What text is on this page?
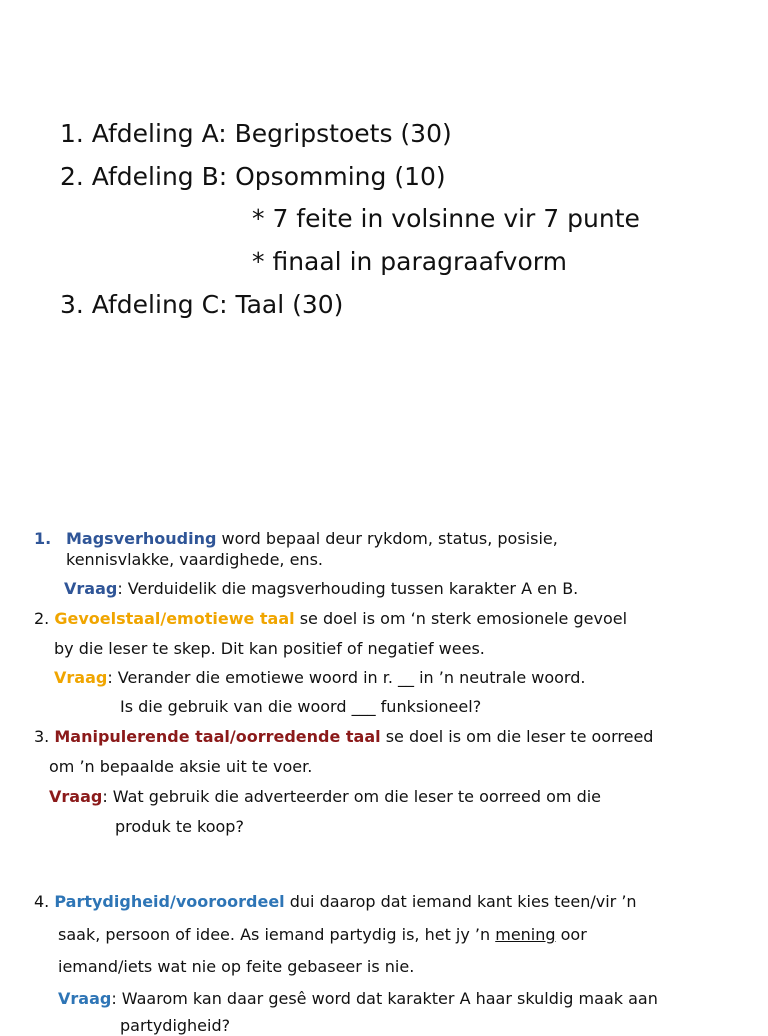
1. Afdeling A: Begripstoets (30)
2. Afdeling B: Opsomming (10)
* 7 feite in volsinne vir 7 punte
* finaal in paragraafvorm
3. Afdeling C: Taal (30)
1. Magsverhouding word bepaal deur rykdom, status, posisie,
kennisvlakke, vaardighede, ens.
Vraag: Verduidelik die magsverhouding tussen karakter A en B.
2. Gevoelstaal/emotiewe taal se doel is om ‘n sterk emosionele gevoel
by die leser te skep. Dit kan positief of negatief wees.
Vraag: Verander die emotiewe woord in r. __ in ’n neutrale woord.
Is die gebruik van die woord ___ funksioneel?
3. Manipulerende taal/oorredende taal se doel is om die leser te oorreed
om ’n bepaalde aksie uit te voer.
Vraag: Wat gebruik die adverteerder om die leser te oorreed om die
produk te koop?
4. Partydigheid/vooroordeel dui daarop dat iemand kant kies teen/vir ’n
saak, persoon of idee. As iemand partydig is, het jy ’n mening oor
iemand/iets wat nie op feite gebaseer is nie.
Vraag: Waarom kan daar gesê word dat karakter A haar skuldig maak aan
partydigheid?
